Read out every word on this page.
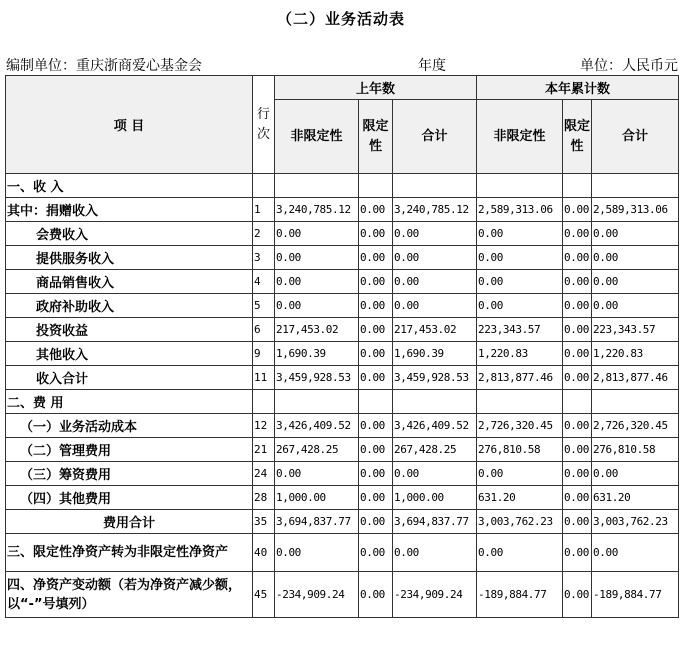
（二）业务活动表
编制单位：重庆浙商爱心基金会	年度	单位：人民币元
项 目	行次	上年数			本年累计数		
		非限定性	限定性	合计	非限定性	限定性	合计
一、收 入							
其中：捐赠收入	1	3,240,785.12	0.00	3,240,785.12	2,589,313.06	0.00	2,589,313.06
会费收入	2	0.00	0.00	0.00	0.00	0.00	0.00
提供服务收入	3	0.00	0.00	0.00	0.00	0.00	0.00
商品销售收入	4	0.00	0.00	0.00	0.00	0.00	0.00
政府补助收入	5	0.00	0.00	0.00	0.00	0.00	0.00
投资收益	6	217,453.02	0.00	217,453.02	223,343.57	0.00	223,343.57
其他收入	9	1,690.39	0.00	1,690.39	1,220.83	0.00	1,220.83
收入合计	11	3,459,928.53	0.00	3,459,928.53	2,813,877.46	0.00	2,813,877.46
二、费 用							
（一）业务活动成本	12	3,426,409.52	0.00	3,426,409.52	2,726,320.45	0.00	2,726,320.45
（二）管理费用	21	267,428.25	0.00	267,428.25	276,810.58	0.00	276,810.58
（三）筹资费用	24	0.00	0.00	0.00	0.00	0.00	0.00
（四）其他费用	28	1,000.00	0.00	1,000.00	631.20	0.00	631.20
费用合计	35	3,694,837.77	0.00	3,694,837.77	3,003,762.23	0.00	3,003,762.23
三、限定性净资产转为非限定性净资产	40	0.00	0.00	0.00	0.00	0.00	0.00
四、净资产变动额（若为净资产减少额，以“-”号填列）	45	-234,909.24	0.00	-234,909.24	-189,884.77	0.00	-189,884.77
